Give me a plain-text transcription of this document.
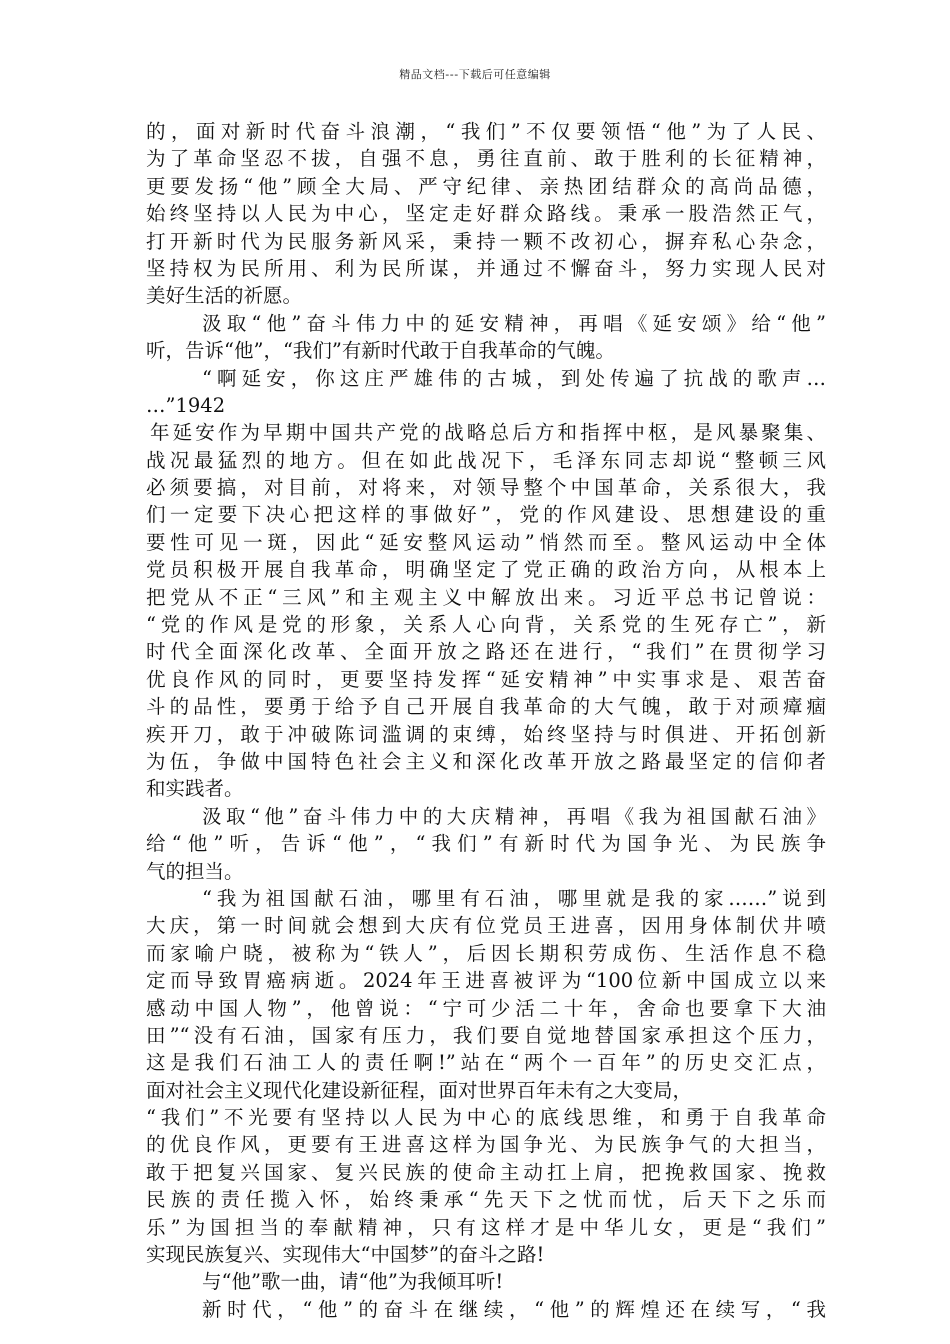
精品文档---下载后可任意编辑
的，面对新时代奋斗浪潮，“我们”不仅要领悟“他”为了人民、
为了革命坚忍不拔，自强不息，勇往直前、敢于胜利的长征精神，
更要发扬“他”顾全大局、严守纪律、亲热团结群众的高尚品德，
始终坚持以人民为中心，坚定走好群众路线。秉承一股浩然正气，
打开新时代为民服务新风采，秉持一颗不改初心，摒弃私心杂念，
坚持权为民所用、利为民所谋，并通过不懈奋斗，努力实现人民对
美好生活的祈愿。
汲取“他”奋斗伟力中的延安精神，再唱《延安颂》给“他”
听，告诉“他”，“我们”有新时代敢于自我革命的气魄。
“啊延安，你这庄严雄伟的古城，到处传遍了抗战的歌声…
…”1942
年延安作为早期中国共产党的战略总后方和指挥中枢，是风暴聚集、
战况最猛烈的地方。但在如此战况下，毛泽东同志却说“整顿三风
必须要搞，对目前，对将来，对领导整个中国革命，关系很大，我
们一定要下决心把这样的事做好”，党的作风建设、思想建设的重
要性可见一斑，因此“延安整风运动”悄然而至。整风运动中全体
党员积极开展自我革命，明确坚定了党正确的政治方向，从根本上
把党从不正“三风”和主观主义中解放出来。习近平总书记曾说：
“党的作风是党的形象，关系人心向背，关系党的生死存亡”，新
时代全面深化改革、全面开放之路还在进行，“我们”在贯彻学习
优良作风的同时，更要坚持发挥“延安精神”中实事求是、艰苦奋
斗的品性，要勇于给予自己开展自我革命的大气魄，敢于对顽瘴痼
疾开刀，敢于冲破陈词滥调的束缚，始终坚持与时俱进、开拓创新
为伍，争做中国特色社会主义和深化改革开放之路最坚定的信仰者
和实践者。
汲取“他”奋斗伟力中的大庆精神，再唱《我为祖国献石油》
给“他”听，告诉“他”，“我们”有新时代为国争光、为民族争
气的担当。
“我为祖国献石油，哪里有石油，哪里就是我的家……”说到
大庆，第一时间就会想到大庆有位党员王进喜，因用身体制伏井喷
而家喻户晓，被称为“铁人”，后因长期积劳成伤、生活作息不稳
定而导致胃癌病逝。2024年王进喜被评为“100位新中国成立以来
感动中国人物”，他曾说：“宁可少活二十年，舍命也要拿下大油
田”“没有石油，国家有压力，我们要自觉地替国家承担这个压力，
这是我们石油工人的责任啊!”站在“两个一百年”的历史交汇点，
面对社会主义现代化建设新征程，面对世界百年未有之大变局，
“我们”不光要有坚持以人民为中心的底线思维，和勇于自我革命
的优良作风，更要有王进喜这样为国争光、为民族争气的大担当，
敢于把复兴国家、复兴民族的使命主动扛上肩，把挽救国家、挽救
民族的责任揽入怀，始终秉承“先天下之忧而忧，后天下之乐而
乐”为国担当的奉献精神，只有这样才是中华儿女，更是“我们”
实现民族复兴、实现伟大“中国梦”的奋斗之路!
与“他”歌一曲，请“他”为我倾耳听!
新时代，“他”的奋斗在继续，“他”的辉煌还在续写，“我
